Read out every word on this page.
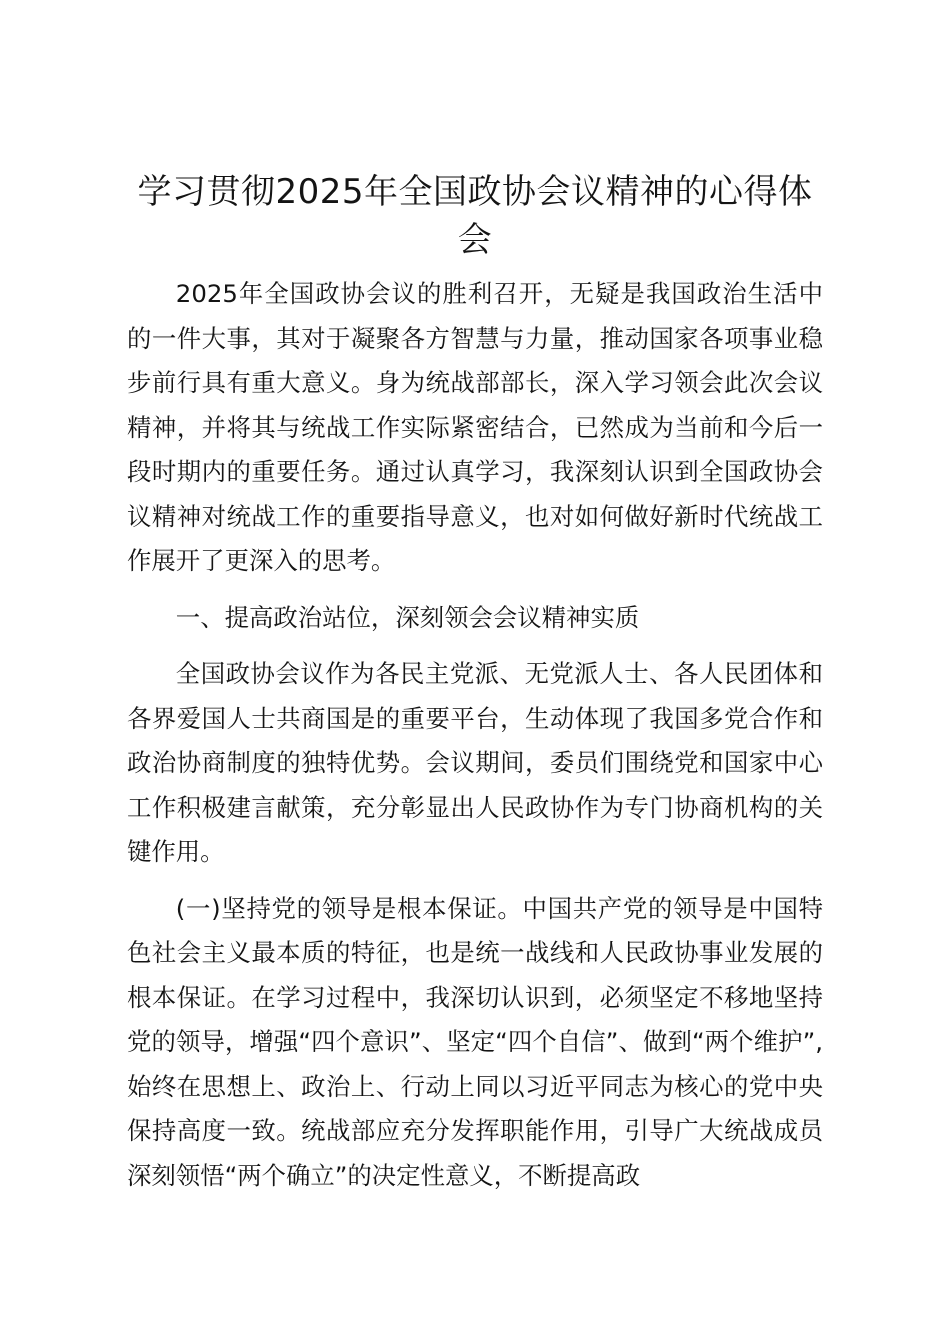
学习贯彻2025年全国政协会议精神的心得体会

2025年全国政协会议的胜利召开，无疑是我国政治生活中的一件大事，其对于凝聚各方智慧与力量，推动国家各项事业稳步前行具有重大意义。身为统战部部长，深入学习领会此次会议精神，并将其与统战工作实际紧密结合，已然成为当前和今后一段时期内的重要任务。通过认真学习，我深刻认识到全国政协会议精神对统战工作的重要指导意义，也对如何做好新时代统战工作展开了更深入的思考。

一、提高政治站位，深刻领会会议精神实质

全国政协会议作为各民主党派、无党派人士、各人民团体和各界爱国人士共商国是的重要平台，生动体现了我国多党合作和政治协商制度的独特优势。会议期间，委员们围绕党和国家中心工作积极建言献策，充分彰显出人民政协作为专门协商机构的关键作用。

(一)坚持党的领导是根本保证。中国共产党的领导是中国特色社会主义最本质的特征，也是统一战线和人民政协事业发展的根本保证。在学习过程中，我深切认识到，必须坚定不移地坚持党的领导，增强“四个意识”、坚定“四个自信”、做到“两个维护”,始终在思想上、政治上、行动上同以习近平同志为核心的党中央保持高度一致。统战部应充分发挥职能作用，引导广大统战成员深刻领悟“两个确立”的决定性意义，不断提高政
